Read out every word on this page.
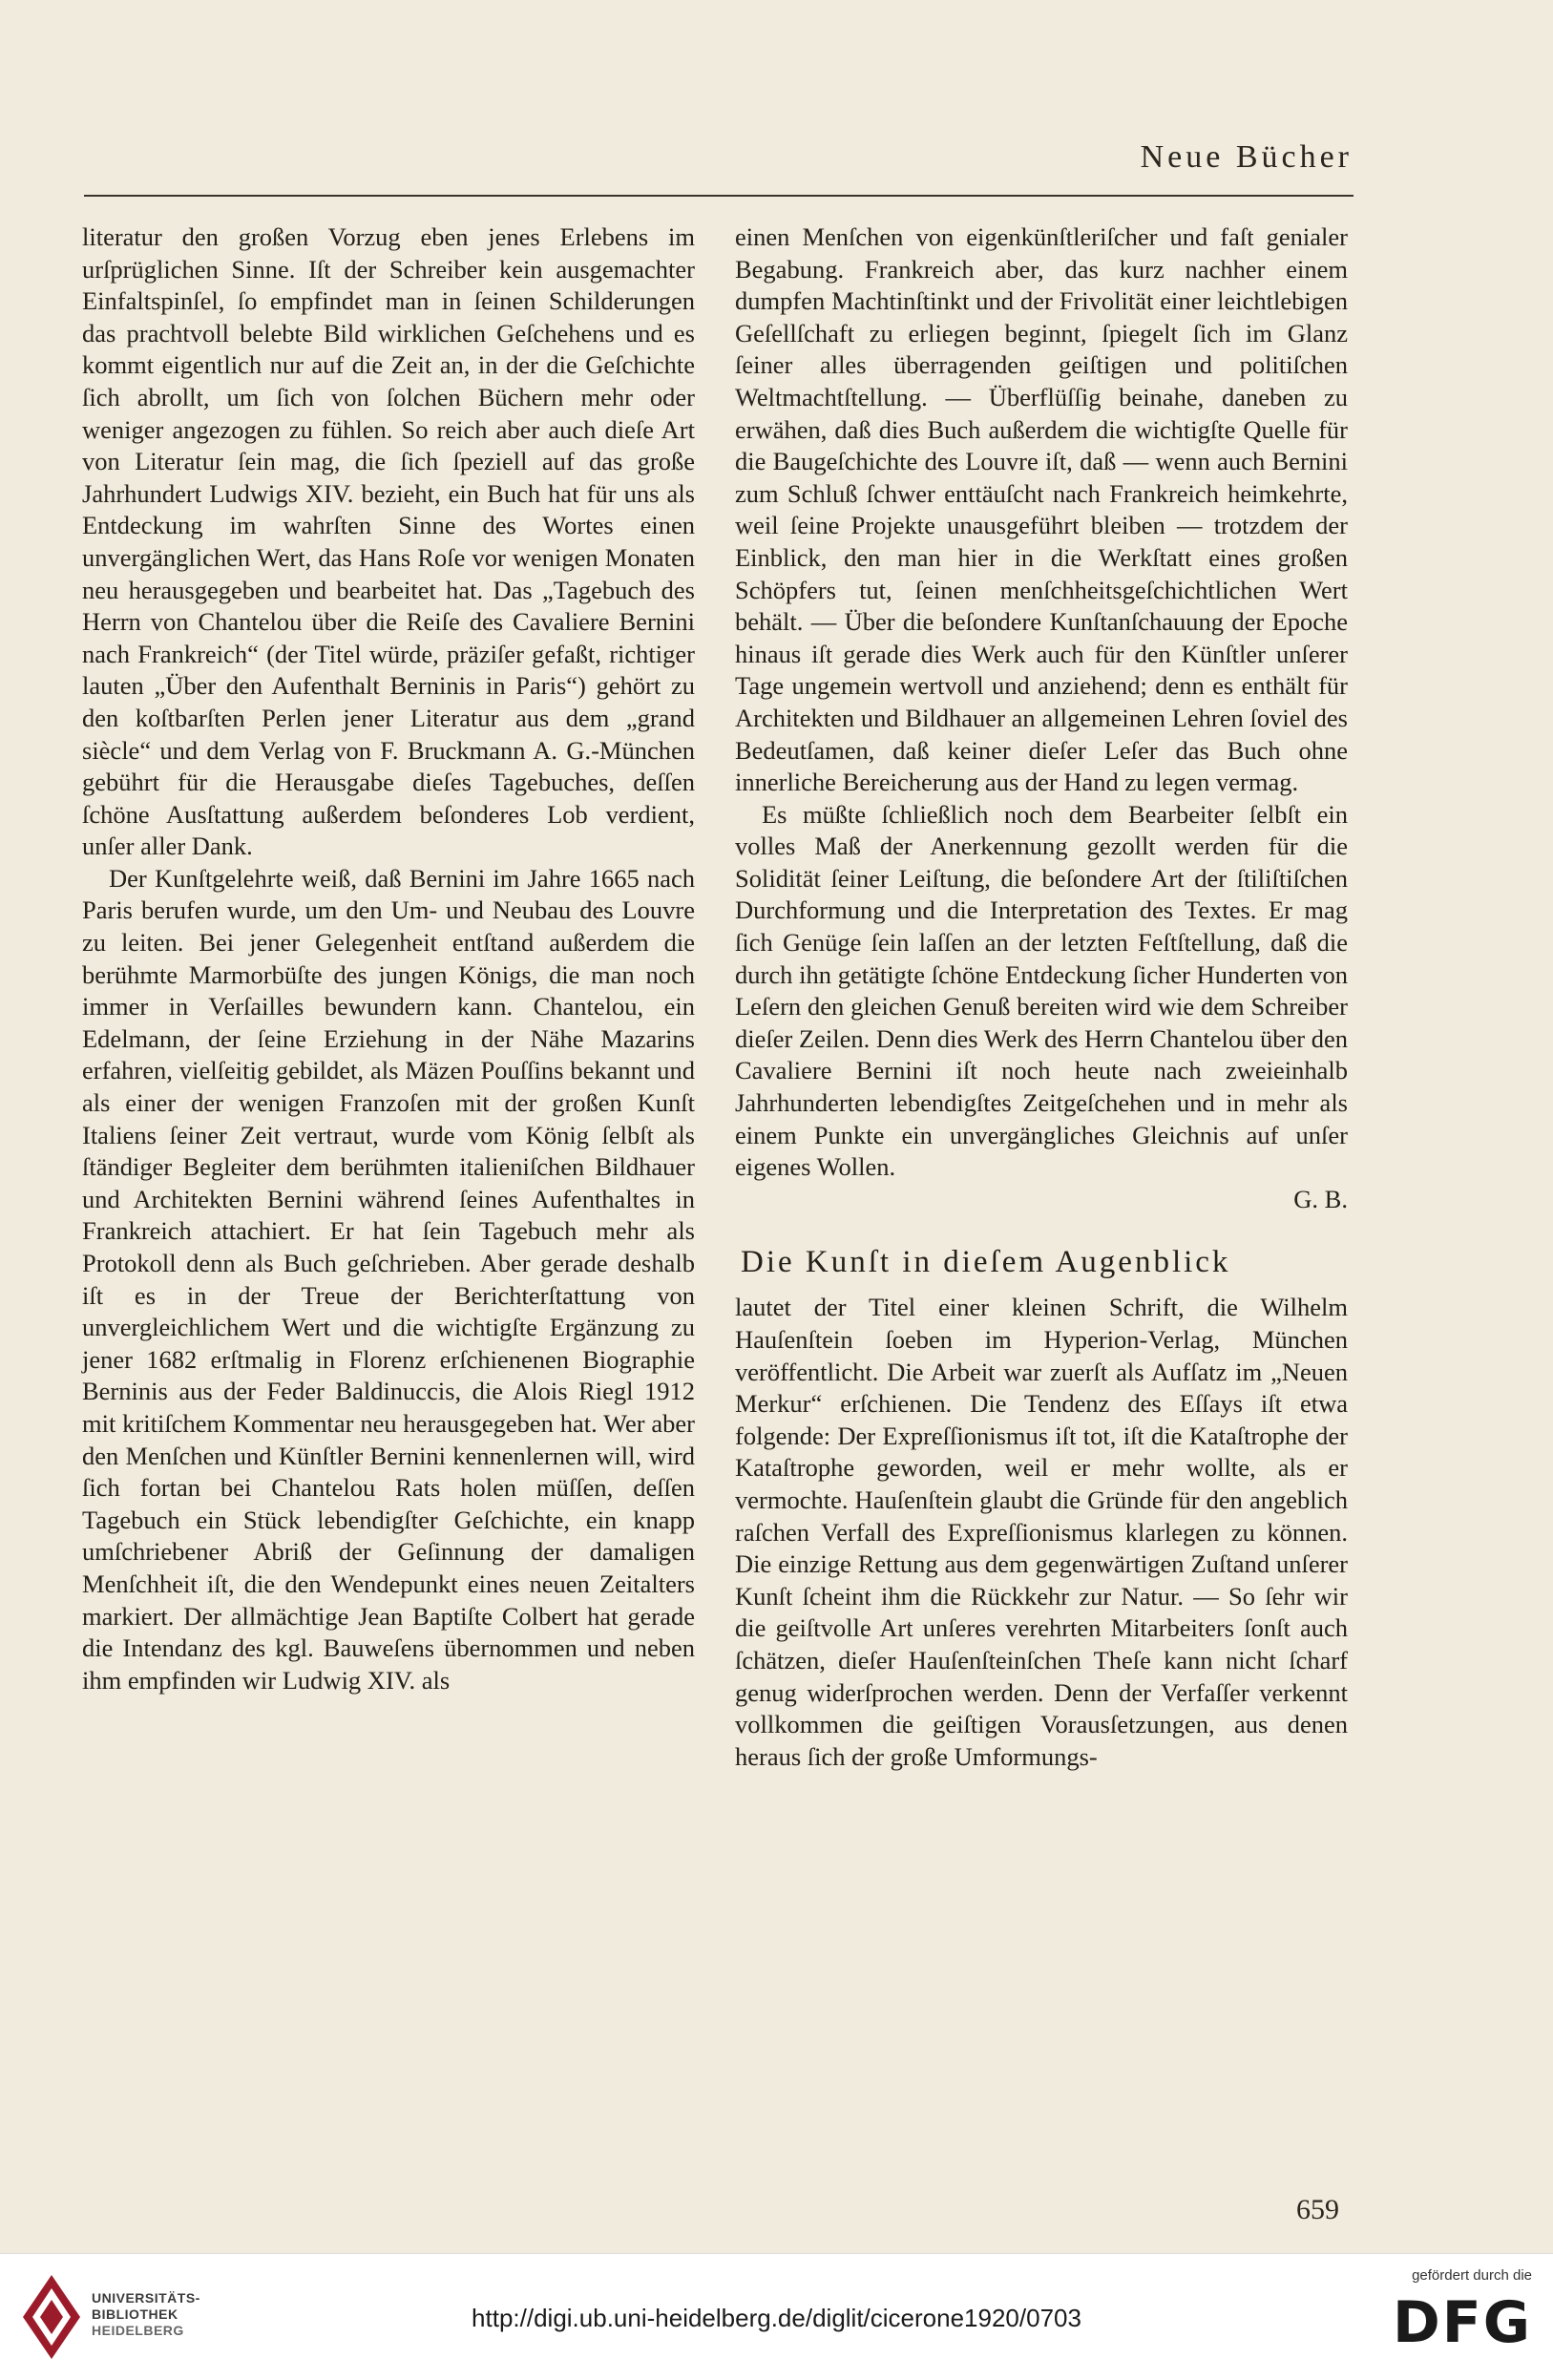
Neue Bücher

literatur den großen Vorzug eben jenes Erlebens im urſprüglichen Sinne. Iſt der Schreiber kein ausgemachter Einfaltspinſel, ſo empfindet man in ſeinen Schilderungen das prachtvoll belebte Bild wirklichen Geſchehens und es kommt eigentlich nur auf die Zeit an, in der die Geſchichte ſich abrollt, um ſich von ſolchen Büchern mehr oder weniger angezogen zu fühlen. So reich aber auch dieſe Art von Literatur ſein mag, die ſich ſpeziell auf das große Jahrhundert Ludwigs XIV. bezieht, ein Buch hat für uns als Entdeckung im wahrſten Sinne des Wortes einen unvergänglichen Wert, das Hans Roſe vor wenigen Monaten neu herausgegeben und bearbeitet hat. Das „Tagebuch des Herrn von Chantelou über die Reiſe des Cavaliere Bernini nach Frankreich“ (der Titel würde, präziſer gefaßt, richtiger lauten „Über den Aufenthalt Berninis in Paris“) gehört zu den koſtbarſten Perlen jener Literatur aus dem „grand siècle“ und dem Verlag von F. Bruckmann A. G.-München gebührt für die Herausgabe dieſes Tagebuches, deſſen ſchöne Ausſtattung außerdem beſonderes Lob verdient, unſer aller Dank.

Der Kunſtgelehrte weiß, daß Bernini im Jahre 1665 nach Paris berufen wurde, um den Um- und Neubau des Louvre zu leiten. Bei jener Gelegenheit entſtand außerdem die berühmte Marmorbüſte des jungen Königs, die man noch immer in Verſailles bewundern kann. Chantelou, ein Edelmann, der ſeine Erziehung in der Nähe Mazarins erfahren, vielſeitig gebildet, als Mäzen Pouſſins bekannt und als einer der wenigen Franzoſen mit der großen Kunſt Italiens ſeiner Zeit vertraut, wurde vom König ſelbſt als ſtändiger Begleiter dem berühmten italieniſchen Bildhauer und Architekten Bernini während ſeines Aufenthaltes in Frankreich attachiert. Er hat ſein Tagebuch mehr als Protokoll denn als Buch geſchrieben. Aber gerade deshalb iſt es in der Treue der Berichterſtattung von unvergleichlichem Wert und die wichtigſte Ergänzung zu jener 1682 erſtmalig in Florenz erſchienenen Biographie Berninis aus der Feder Baldinuccis, die Alois Riegl 1912 mit kritiſchem Kommentar neu herausgegeben hat. Wer aber den Menſchen und Künſtler Bernini kennenlernen will, wird ſich fortan bei Chantelou Rats holen müſſen, deſſen Tagebuch ein Stück lebendigſter Geſchichte, ein knapp umſchriebener Abriß der Geſinnung der damaligen Menſchheit iſt, die den Wendepunkt eines neuen Zeitalters markiert. Der allmächtige Jean Baptiſte Colbert hat gerade die Intendanz des kgl. Bauweſens übernommen und neben ihm empfinden wir Ludwig XIV. als

einen Menſchen von eigenkünſtleriſcher und faſt genialer Begabung. Frankreich aber, das kurz nachher einem dumpfen Machtinſtinkt und der Frivolität einer leichtlebigen Geſellſchaft zu erliegen beginnt, ſpiegelt ſich im Glanz ſeiner alles überragenden geiſtigen und politiſchen Weltmachtſtellung. — Überflüſſig beinahe, daneben zu erwähen, daß dies Buch außerdem die wichtigſte Quelle für die Baugeſchichte des Louvre iſt, daß — wenn auch Bernini zum Schluß ſchwer enttäuſcht nach Frankreich heimkehrte, weil ſeine Projekte unausgeführt bleiben — trotzdem der Einblick, den man hier in die Werkſtatt eines großen Schöpfers tut, ſeinen menſchheitsgeſchichtlichen Wert behält. — Über die beſondere Kunſtanſchauung der Epoche hinaus iſt gerade dies Werk auch für den Künſtler unſerer Tage ungemein wertvoll und anziehend; denn es enthält für Architekten und Bildhauer an allgemeinen Lehren ſoviel des Bedeutſamen, daß keiner dieſer Leſer das Buch ohne innerliche Bereicherung aus der Hand zu legen vermag.

Es müßte ſchließlich noch dem Bearbeiter ſelbſt ein volles Maß der Anerkennung gezollt werden für die Solidität ſeiner Leiſtung, die beſondere Art der ſtiliſtiſchen Durchformung und die Interpretation des Textes. Er mag ſich Genüge ſein laſſen an der letzten Feſtſtellung, daß die durch ihn getätigte ſchöne Entdeckung ſicher Hunderten von Leſern den gleichen Genuß bereiten wird wie dem Schreiber dieſer Zeilen. Denn dies Werk des Herrn Chantelou über den Cavaliere Bernini iſt noch heute nach zweieinhalb Jahrhunderten lebendigſtes Zeitgeſchehen und in mehr als einem Punkte ein unvergängliches Gleichnis auf unſer eigenes Wollen.

G. B.
Die Kunſt in dieſem Augenblick

lautet der Titel einer kleinen Schrift, die Wilhelm Hauſenſtein ſoeben im Hyperion-Verlag, München veröffentlicht. Die Arbeit war zuerſt als Aufſatz im „Neuen Merkur“ erſchienen. Die Tendenz des Eſſays iſt etwa folgende: Der Expreſſionismus iſt tot, iſt die Kataſtrophe der Kataſtrophe geworden, weil er mehr wollte, als er vermochte. Hauſenſtein glaubt die Gründe für den angeblich raſchen Verfall des Expreſſionismus klarlegen zu können. Die einzige Rettung aus dem gegenwärtigen Zuſtand unſerer Kunſt ſcheint ihm die Rückkehr zur Natur. — So ſehr wir die geiſtvolle Art unſeres verehrten Mitarbeiters ſonſt auch ſchätzen, dieſer Hauſenſteinſchen Theſe kann nicht ſcharf genug widerſprochen werden. Denn der Verfaſſer verkennt vollkommen die geiſtigen Vorausſetzungen, aus denen heraus ſich der große Umformungs-

659
UNIVERSITÄTS-
BIBLIOTHEK
HEIDELBERG	http://digi.ub.uni-heidelberg.de/diglit/cicerone1920/0703
gefördert durch die
DFG
